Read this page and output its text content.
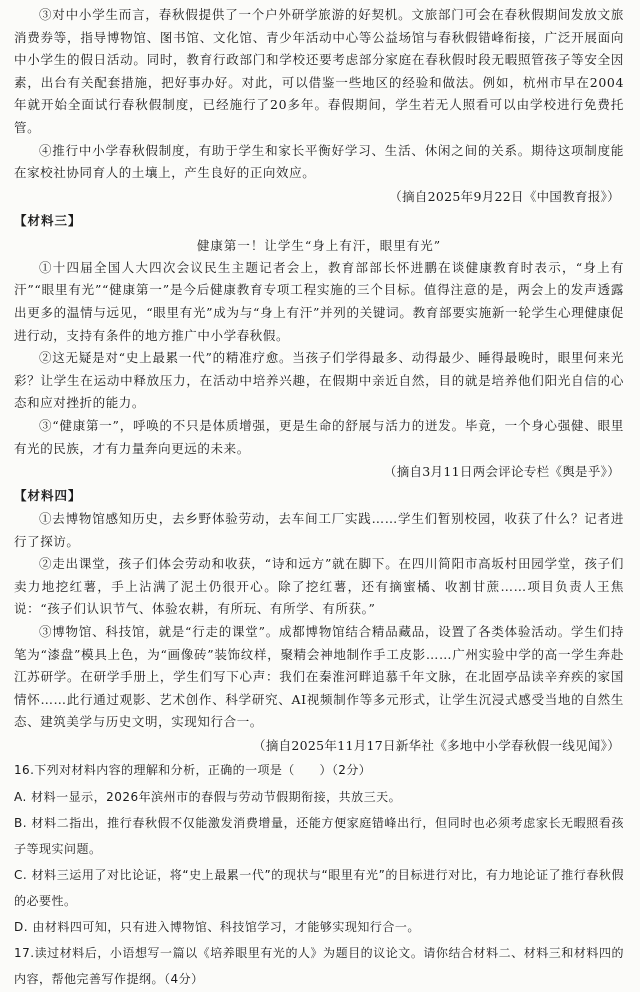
③对中小学生而言，春秋假提供了一个户外研学旅游的好契机。文旅部门可会在春秋假期间发放文旅消费券等，指导博物馆、图书馆、文化馆、青少年活动中心等公益场馆与春秋假错峰衔接，广泛开展面向中小学生的假日活动。同时，教育行政部门和学校还要考虑部分家庭在春秋假时段无暇照管孩子等安全因素，出台有关配套措施，把好事办好。对此，可以借鉴一些地区的经验和做法。例如，杭州市早在2004年就开始全面试行春秋假制度，已经施行了20多年。春假期间，学生若无人照看可以由学校进行免费托管。

④推行中小学春秋假制度，有助于学生和家长平衡好学习、生活、休闲之间的关系。期待这项制度能在家校社协同育人的土壤上，产生良好的正向效应。

（摘自2025年9月22日《中国教育报》）

【材料三】

健康第一！让学生“身上有汗，眼里有光”

①十四届全国人大四次会议民生主题记者会上，教育部部长怀进鹏在谈健康教育时表示，“身上有汗”“眼里有光”“健康第一”是今后健康教育专项工程实施的三个目标。值得注意的是，两会上的发声透露出更多的温情与远见，“眼里有光”成为与“身上有汗”并列的关键词。教育部要实施新一轮学生心理健康促进行动，支持有条件的地方推广中小学春秋假。

②这无疑是对“史上最累一代”的精准疗愈。当孩子们学得最多、动得最少、睡得最晚时，眼里何来光彩？让学生在运动中释放压力，在活动中培养兴趣，在假期中亲近自然，目的就是培养他们阳光自信的心态和应对挫折的能力。

③“健康第一”，呼唤的不只是体质增强，更是生命的舒展与活力的迸发。毕竟，一个身心强健、眼里有光的民族，才有力量奔向更远的未来。

（摘自3月11日两会评论专栏《舆是乎》）

【材料四】

①去博物馆感知历史，去乡野体验劳动，去车间工厂实践……学生们暂别校园，收获了什么？记者进行了探访。

②走出课堂，孩子们体会劳动和收获，“诗和远方”就在脚下。在四川简阳市高坂村田园学堂，孩子们卖力地挖红薯，手上沾满了泥土仍很开心。除了挖红薯，还有摘蜜橘、收割甘蔗……项目负责人王焦说：“孩子们认识节气、体验农耕，有所玩、有所学、有所获。”

③博物馆、科技馆，就是“行走的课堂”。成都博物馆结合精品藏品，设置了各类体验活动。学生们持笔为“漆盘”模具上色，为“画像砖”装饰纹样，聚精会神地制作手工皮影……广州实验中学的高一学生奔赴江苏研学。在研学手册上，学生们写下心声：我们在秦淮河畔追慕千年文脉，在北固亭品读辛弃疾的家国情怀……此行通过观影、艺术创作、科学研究、AI视频制作等多元形式，让学生沉浸式感受当地的自然生态、建筑美学与历史文明，实现知行合一。

（摘自2025年11月17日新华社《多地中小学春秋假一线见闻》）

16.下列对材料内容的理解和分析，正确的一项是（　　）（2分）

A. 材料一显示，2026年滨州市的春假与劳动节假期衔接，共放三天。

B. 材料二指出，推行春秋假不仅能激发消费增量，还能方便家庭错峰出行，但同时也必须考虑家长无暇照看孩子等现实问题。

C. 材料三运用了对比论证，将“史上最累一代”的现状与“眼里有光”的目标进行对比，有力地论证了推行春秋假的必要性。

D. 由材料四可知，只有进入博物馆、科技馆学习，才能够实现知行合一。

17.读过材料后，小语想写一篇以《培养眼里有光的人》为题目的议论文。请你结合材料二、材料三和材料四的内容，帮他完善写作提纲。（4分）
